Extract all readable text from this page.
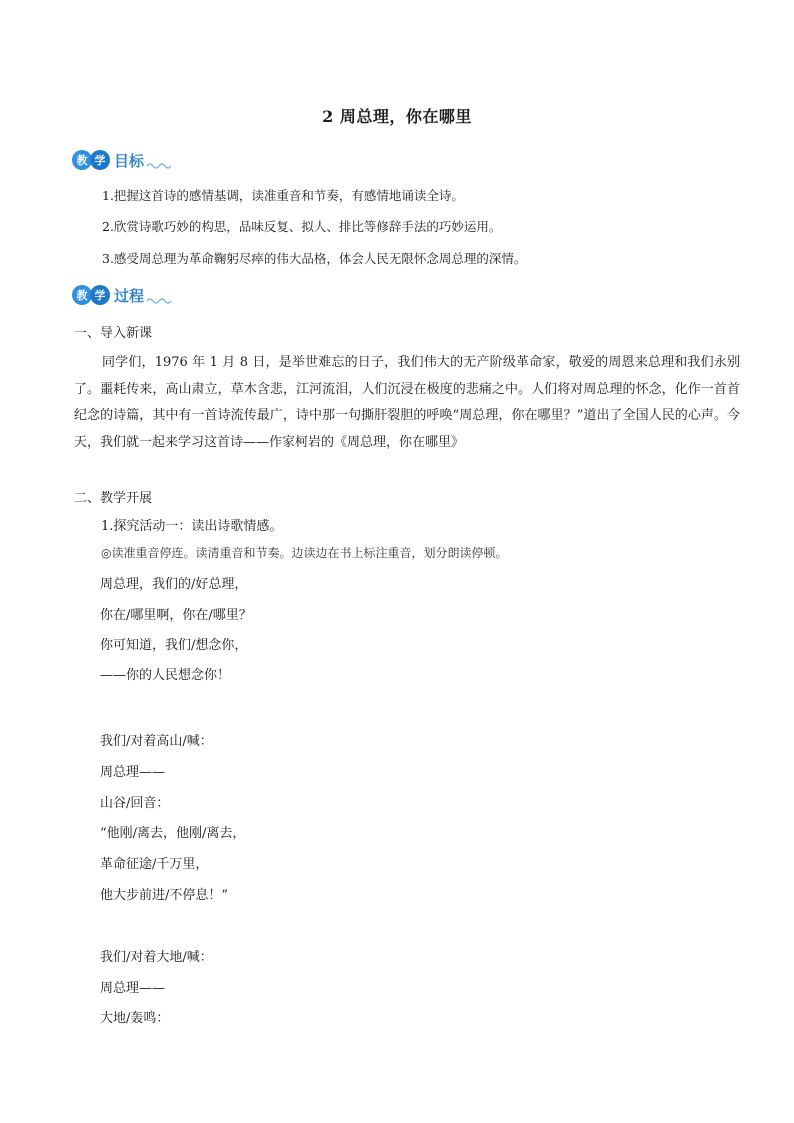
2 周总理，你在哪里
教 学 目标
1.把握这首诗的感情基调，读准重音和节奏，有感情地诵读全诗。
2.欣赏诗歌巧妙的构思，品味反复、拟人、排比等修辞手法的巧妙运用。
3.感受周总理为革命鞠躬尽瘁的伟大品格，体会人民无限怀念周总理的深情。
教 学 过程
一、导入新课
同学们，1976 年 1 月 8 日，是举世难忘的日子，我们伟大的无产阶级革命家，敬爱的周恩来总理和我们永别了。噩耗传来，高山肃立，草木含悲，江河流泪，人们沉浸在极度的悲痛之中。人们将对周总理的怀念，化作一首首纪念的诗篇，其中有一首诗流传最广，诗中那一句撕肝裂胆的呼唤“周总理，你在哪里？”道出了全国人民的心声。今天，我们就一起来学习这首诗——作家柯岩的《周总理，你在哪里》
二、教学开展
1.探究活动一：读出诗歌情感。
◎读准重音停连。读清重音和节奏。边读边在书上标注重音，划分朗读停顿。
周总理，我们的/好总理，
你在/哪里啊，你在/哪里？
你可知道，我们/想念你，
——你的人民想念你！
我们/对着高山/喊：
周总理——
山谷/回音：
“他刚/离去，他刚/离去，
革命征途/千万里，
他大步前进/不停息！”
我们/对着大地/喊：
周总理——
大地/轰鸣：
